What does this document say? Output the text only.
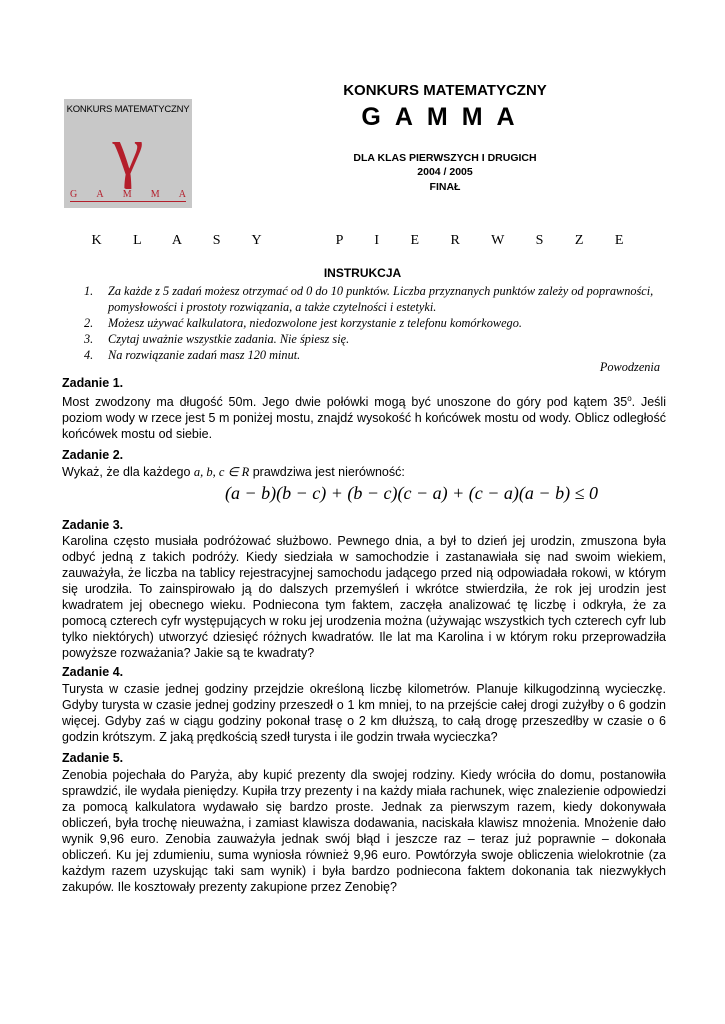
KONKURS MATEMATYCZNY
γ
G A M M A
KONKURS MATEMATYCZNY
GAMMA
DLA KLAS PIERWSZYCH I DRUGICH
2004 / 2005
FINAŁ
K L A S Y   P I E R W S Z E
INSTRUKCJA
1. Za każde z 5 zadań możesz otrzymać od 0 do 10 punktów. Liczba przyznanych punktów zależy od poprawności, pomysłowości i prostoty rozwiązania, a także czytelności i estetyki.
2. Możesz używać kalkulatora, niedozwolone jest korzystanie z telefonu komórkowego.
3. Czytaj uważnie wszystkie zadania. Nie śpiesz się.
4. Na rozwiązanie zadań masz 120 minut.
Powodzenia
Zadanie 1.
Most zwodzony ma długość 50m. Jego dwie połówki mogą być unoszone do góry pod kątem 35$^o$. Jeśli poziom wody w rzece jest 5 m poniżej mostu, znajdź wysokość h końcówek mostu od wody. Oblicz odległość końcówek mostu od siebie.
Zadanie 2.
Wykaż, że dla każdego a, b, c ∈ R prawdziwa jest nierówność:
(a − b)(b − c) + (b − c)(c − a) + (c − a)(a − b) ≤ 0
Zadanie 3.
Karolina często musiała podróżować służbowo. Pewnego dnia, a był to dzień jej urodzin, zmuszona była odbyć jedną z takich podróży. Kiedy siedziała w samochodzie i zastanawiała się nad swoim wiekiem, zauważyła, że liczba na tablicy rejestracyjnej samochodu jadącego przed nią odpowiadała rokowi, w którym się urodziła. To zainspirowało ją do dalszych przemyśleń i wkrótce stwierdziła, że rok jej urodzin jest kwadratem jej obecnego wieku. Podniecona tym faktem, zaczęła analizować tę liczbę i odkryła, że za pomocą czterech cyfr występujących w roku jej urodzenia można (używając wszystkich tych czterech cyfr lub tylko niektórych) utworzyć dziesięć różnych kwadratów. Ile lat ma Karolina i w którym roku przeprowadziła powyższe rozważania? Jakie są te kwadraty?
Zadanie 4.
Turysta w czasie jednej godziny przejdzie określoną liczbę kilometrów. Planuje kilkugodzinną wycieczkę. Gdyby turysta w czasie jednej godziny przeszedł o 1 km mniej, to na przejście całej drogi zużyłby o 6 godzin więcej. Gdyby zaś w ciągu godziny pokonał trasę o 2 km dłuższą, to całą drogę przeszedłby w czasie o 6 godzin krótszym. Z jaką prędkością szedł turysta i ile godzin trwała wycieczka?
Zadanie 5.
Zenobia pojechała do Paryża, aby kupić prezenty dla swojej rodziny. Kiedy wróciła do domu, postanowiła sprawdzić, ile wydała pieniędzy. Kupiła trzy prezenty i na każdy miała rachunek, więc znalezienie odpowiedzi za pomocą kalkulatora wydawało się bardzo proste. Jednak za pierwszym razem, kiedy dokonywała obliczeń, była trochę nieuważna, i zamiast klawisza dodawania, naciskała klawisz mnożenia. Mnożenie dało wynik 9,96 euro. Zenobia zauważyła jednak swój błąd i jeszcze raz – teraz już poprawnie – dokonała obliczeń. Ku jej zdumieniu, suma wyniosła również 9,96 euro. Powtórzyła swoje obliczenia wielokrotnie (za każdym razem uzyskując taki sam wynik) i była bardzo podniecona faktem dokonania tak niezwykłych zakupów. Ile kosztowały prezenty zakupione przez Zenobię?
